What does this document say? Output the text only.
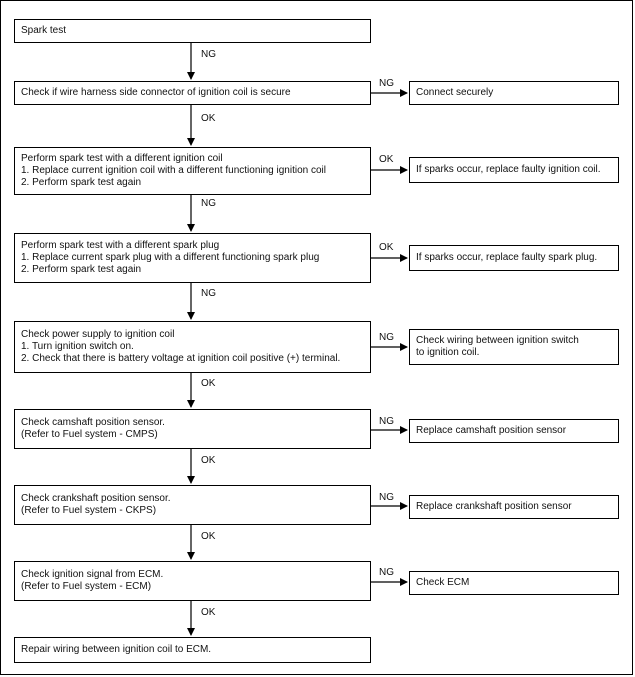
Spark test
Check if wire harness side connector of ignition coil is secure
Perform spark test with a different ignition coil
1. Replace current ignition coil with a different functioning ignition coil
2. Perform spark test again
Perform spark test with a different spark plug
1. Replace current spark plug with a different functioning spark plug
2. Perform spark test again
Check power supply to ignition coil
1. Turn ignition switch on.
2. Check that there is battery voltage at ignition coil positive (+) terminal.
Check camshaft position sensor.
(Refer to Fuel system - CMPS)
Check crankshaft position sensor.
(Refer to Fuel system - CKPS)
Check ignition signal from ECM.
(Refer to Fuel system - ECM)
Repair wiring between ignition coil to ECM.
Connect securely
If sparks occur, replace faulty ignition coil.
If sparks occur, replace faulty spark plug.
Check wiring between ignition switch
to ignition coil.
Replace camshaft position sensor
Replace crankshaft position sensor
Check ECM
NG
OK
NG
NG
OK
OK
OK
OK
NG
OK
OK
NG
NG
NG
NG
